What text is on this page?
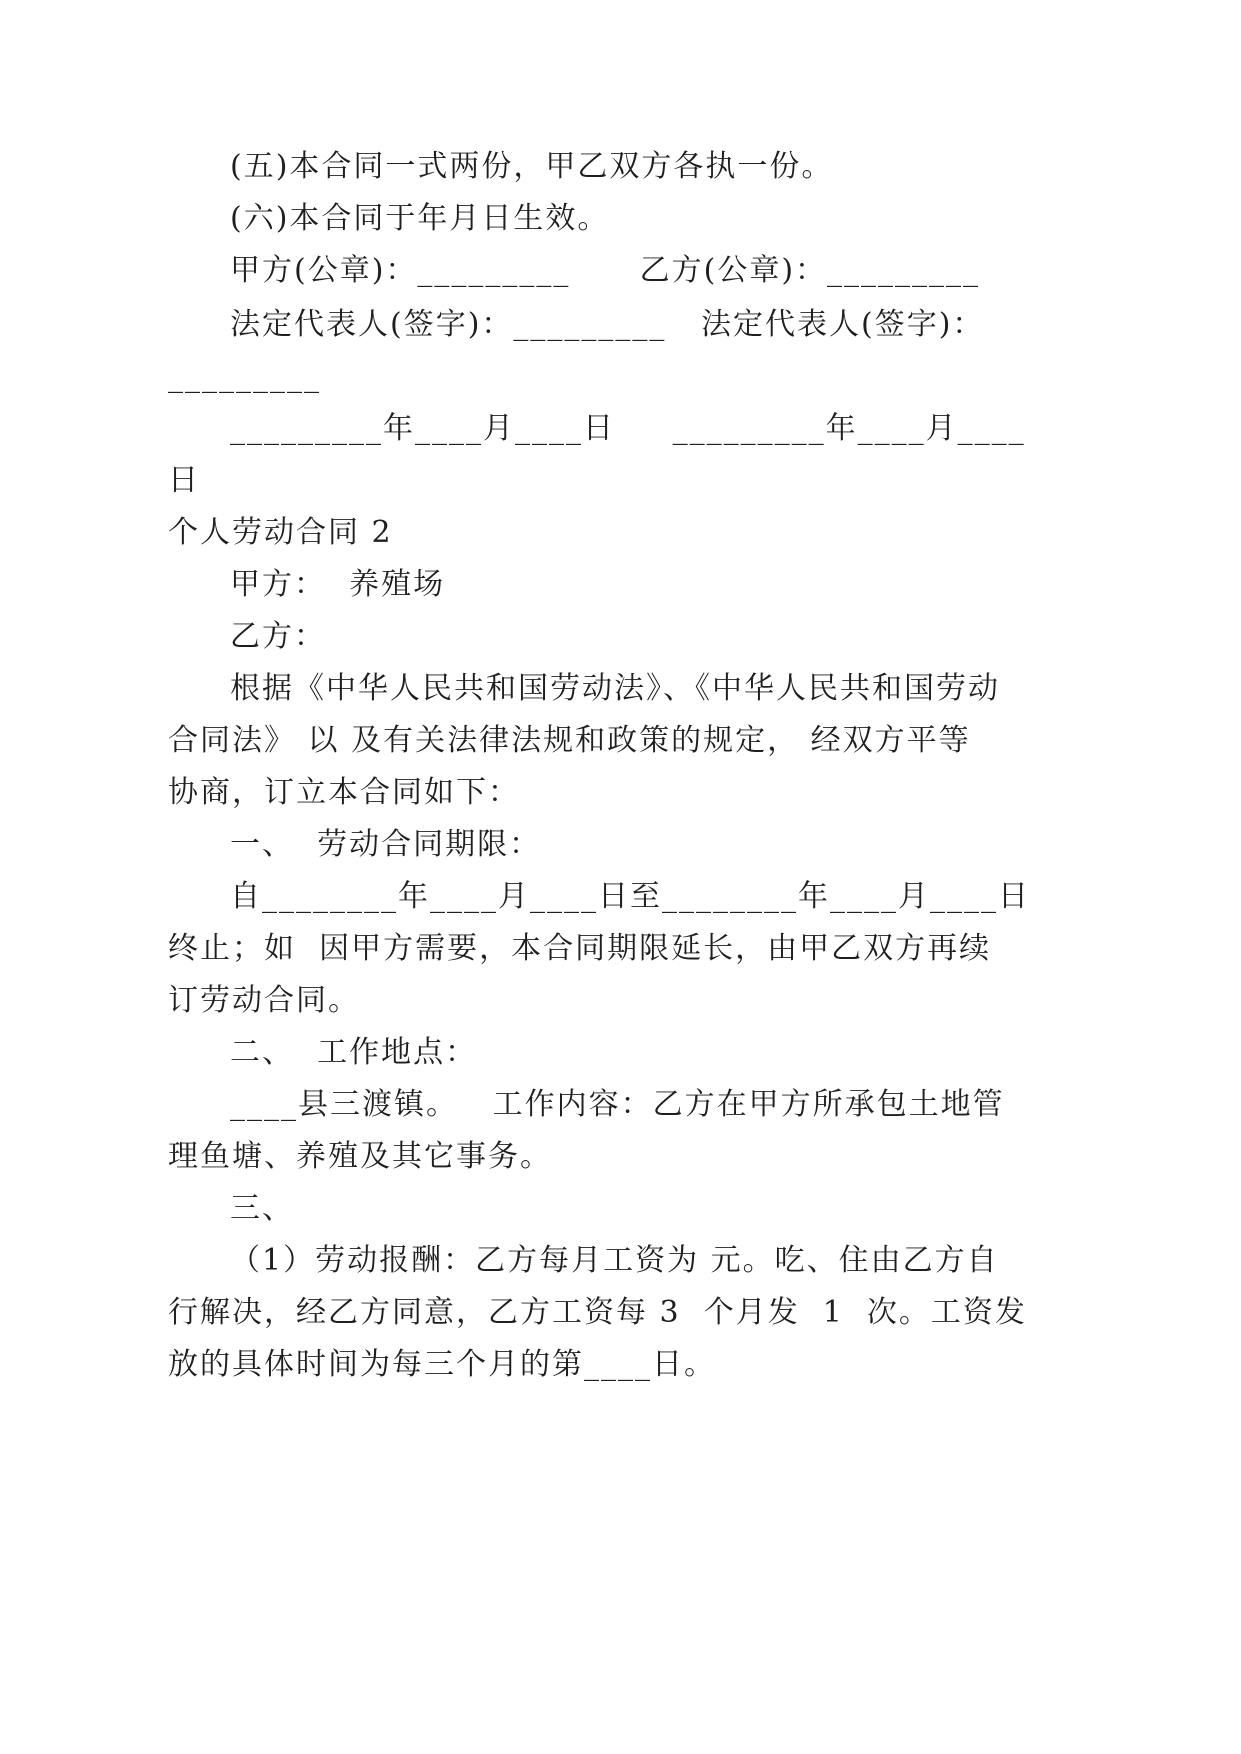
(五)本合同一式两份，甲乙双方各执一份。
(六)本合同于年月日生效。
甲方(公章)：_________      乙方(公章)：_________
法定代表人(签字)：_________   法定代表人(签字)：
_________
_________年____月____日     _________年____月____
日
个人劳动合同 2
甲方：  养殖场
乙方：
根据《中华人民共和国劳动法》、《中华人民共和国劳动
合同法》 以 及有关法律法规和政策的规定， 经双方平等
协商，订立本合同如下：
一、  劳动合同期限：
自________年____月____日至________年____月____日
终止；如  因甲方需要，本合同期限延长，由甲乙双方再续
订劳动合同。
二、  工作地点：
____县三渡镇。   工作内容：乙方在甲方所承包土地管
理鱼塘、养殖及其它事务。
三、
（1）劳动报酬：乙方每月工资为 元。吃、住由乙方自
行解决，经乙方同意，乙方工资每 3  个月发  1  次。工资发
放的具体时间为每三个月的第____日。
